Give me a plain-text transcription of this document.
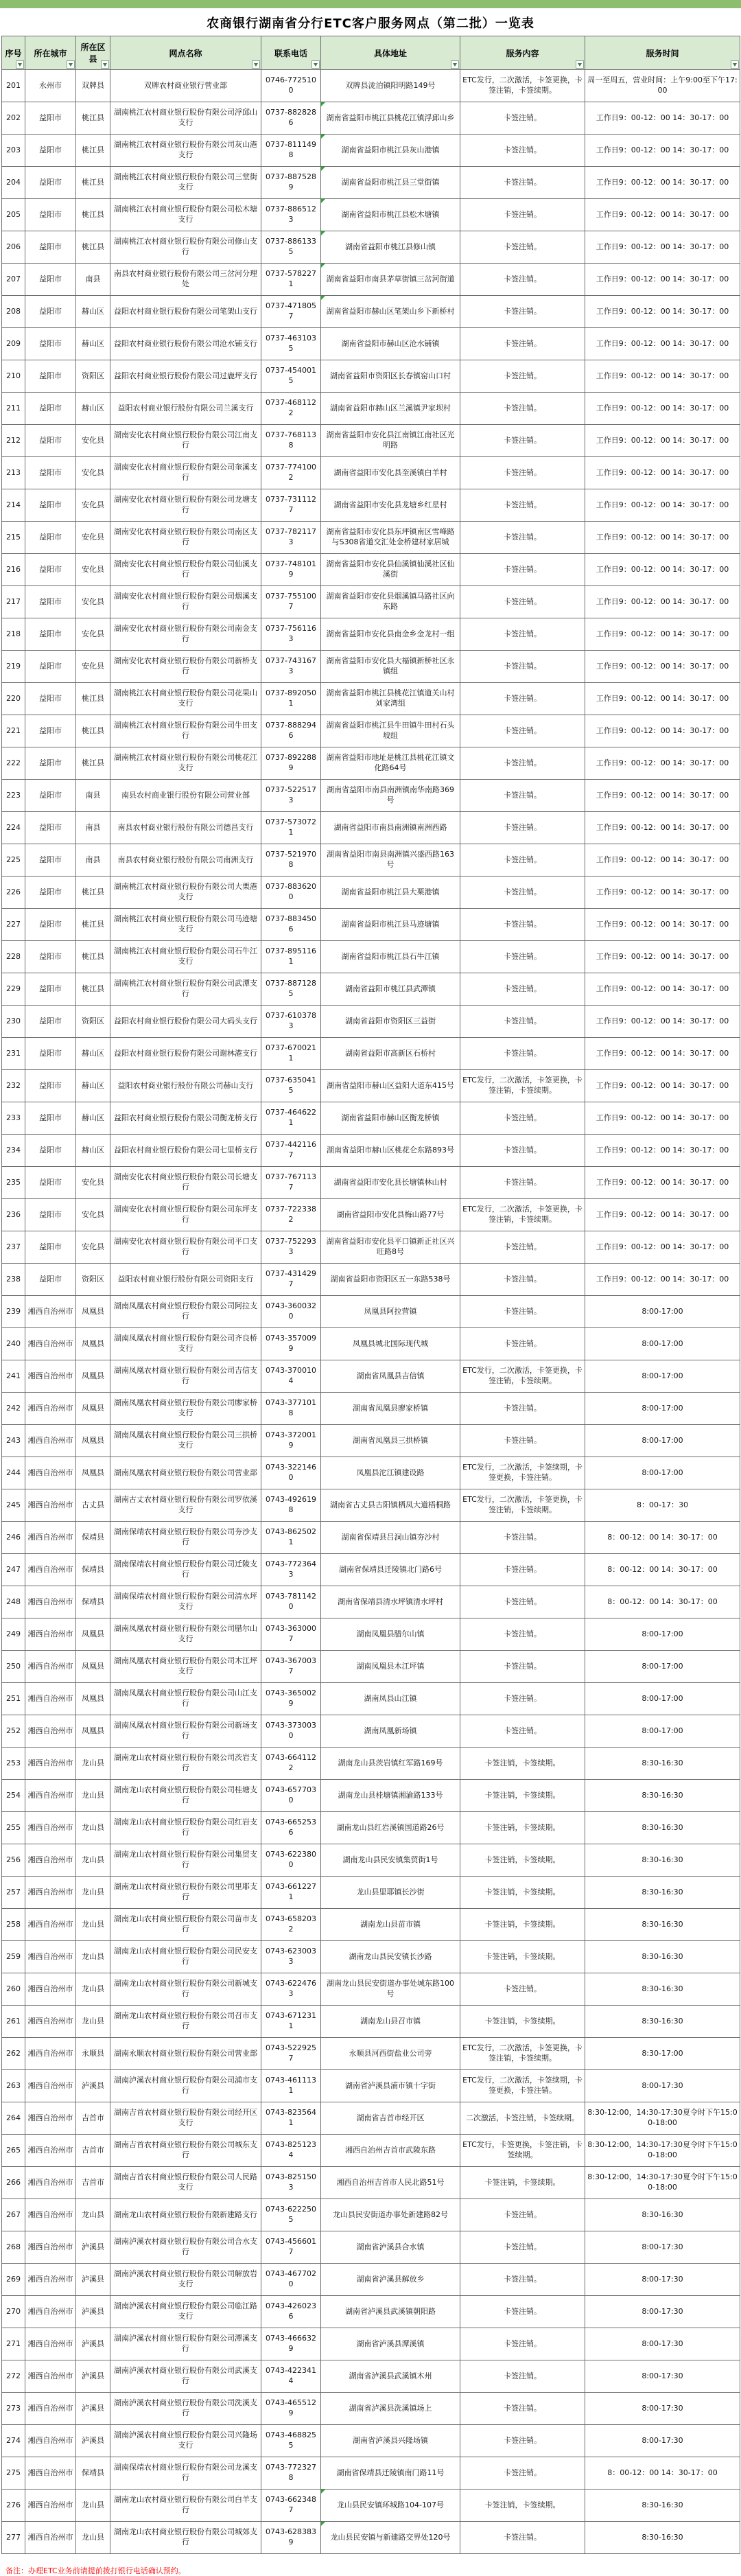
农商银行湖南省分行ETC客户服务网点（第二批）一览表
序号	所在城市	所在区县	网点名称	联系电话	具体地址	服务内容	服务时间

201	永州市	双牌县	双牌农村商业银行营业部	0746-7725100	双牌县泷泊镇阳明路149号	ETC发行，二次激活，卡签更换，卡签注销，卡签续期。	周一至周五，营业时间：上午9:00至下午17:00
202	益阳市	桃江县	湖南桃江农村商业银行股份有限公司浮邱山支行	0737-8828286	湖南省益阳市桃江县桃花江镇浮邱山乡	卡签注销。	工作日9：00-12：00 14：30-17：00
203	益阳市	桃江县	湖南桃江农村商业银行股份有限公司灰山港支行	0737-8111498	湖南省益阳市桃江县灰山港镇	卡签注销。	工作日9：00-12：00 14：30-17：00
204	益阳市	桃江县	湖南桃江农村商业银行股份有限公司三堂街支行	0737-8875289	湖南省益阳市桃江县三堂街镇	卡签注销。	工作日9：00-12：00 14：30-17：00
205	益阳市	桃江县	湖南桃江农村商业银行股份有限公司松木塘支行	0737-8865123	湖南省益阳市桃江县松木塘镇	卡签注销。	工作日9：00-12：00 14：30-17：00
206	益阳市	桃江县	湖南桃江农村商业银行股份有限公司修山支行	0737-8861335	湖南省益阳市桃江县修山镇	卡签注销。	工作日9：00-12：00 14：30-17：00
207	益阳市	南县	南县农村商业银行股份有限公司三岔河分理处	0737-5782271	湖南省益阳市南县茅草街镇三岔河街道	卡签注销。	工作日9：00-12：00 14：30-17：00
208	益阳市	赫山区	益阳农村商业银行股份有限公司笔架山支行	0737-4718057	湖南省益阳市赫山区笔架山乡下新桥村	卡签注销。	工作日9：00-12：00 14：30-17：00
209	益阳市	赫山区	益阳农村商业银行股份有限公司沧水铺支行	0737-4631035	湖南省益阳市赫山区沧水铺镇	卡签注销。	工作日9：00-12：00 14：30-17：00
210	益阳市	资阳区	益阳农村商业银行股份有限公司过鹿坪支行	0737-4540015	湖南省益阳市资阳区长春镇窑山口村	卡签注销。	工作日9：00-12：00 14：30-17：00
211	益阳市	赫山区	益阳农村商业银行股份有限公司兰溪支行	0737-4681122	湖南省益阳市赫山区兰溪镇尹家坝村	卡签注销。	工作日9：00-12：00 14：30-17：00
212	益阳市	安化县	湖南安化农村商业银行股份有限公司江南支行	0737-7681138	湖南省益阳市安化县江南镇江南社区光明路	卡签注销。	工作日9：00-12：00 14：30-17：00
213	益阳市	安化县	湖南安化农村商业银行股份有限公司奎溪支行	0737-7741002	湖南省益阳市安化县奎溪镇白羊村	卡签注销。	工作日9：00-12：00 14：30-17：00
214	益阳市	安化县	湖南安化农村商业银行股份有限公司龙塘支行	0737-7311127	湖南省益阳市安化县龙塘乡红星村	卡签注销。	工作日9：00-12：00 14：30-17：00
215	益阳市	安化县	湖南安化农村商业银行股份有限公司南区支行	0737-7821173	湖南省益阳市安化县东坪镇南区雪峰路与S308省道交汇处金桥建材家居城	卡签注销。	工作日9：00-12：00 14：30-17：00
216	益阳市	安化县	湖南安化农村商业银行股份有限公司仙溪支行	0737-7481019	湖南省益阳市安化县仙溪镇仙溪社区仙溪街	卡签注销。	工作日9：00-12：00 14：30-17：00
217	益阳市	安化县	湖南安化农村商业银行股份有限公司烟溪支行	0737-7551007	湖南省益阳市安化县烟溪镇马路社区向东路	卡签注销。	工作日9：00-12：00 14：30-17：00
218	益阳市	安化县	湖南安化农村商业银行股份有限公司南金支行	0737-7561163	湖南省益阳市安化县南金乡金龙村一组	卡签注销。	工作日9：00-12：00 14：30-17：00
219	益阳市	安化县	湖南安化农村商业银行股份有限公司新桥支行	0737-7431673	湖南省益阳市安化县大福镇新桥社区永镇组	卡签注销。	工作日9：00-12：00 14：30-17：00
220	益阳市	桃江县	湖南桃江农村商业银行股份有限公司花果山支行	0737-8920501	湖南省益阳市桃江县桃花江镇道关山村刘家湾组	卡签注销。	工作日9：00-12：00 14：30-17：00
221	益阳市	桃江县	湖南桃江农村商业银行股份有限公司牛田支行	0737-8882946	湖南省益阳市桃江县牛田镇牛田村石头坡组	卡签注销。	工作日9：00-12：00 14：30-17：00
222	益阳市	桃江县	湖南桃江农村商业银行股份有限公司桃花江支行	0737-8922889	湖南省益阳市地址是桃江县桃花江镇文化路64号	卡签注销。	工作日9：00-12：00 14：30-17：00
223	益阳市	南县	南县农村商业银行股份有限公司营业部	0737-5225173	湖南省益阳市南县南洲镇南华南路369号	卡签注销。	工作日9：00-12：00 14：30-17：00
224	益阳市	南县	南县农村商业银行股份有限公司德昌支行	0737-5730721	湖南省益阳市南县南洲镇南洲西路	卡签注销。	工作日9：00-12：00 14：30-17：00
225	益阳市	南县	南县农村商业银行股份有限公司南洲支行	0737-5219708	湖南省益阳市南县南洲镇兴盛西路163号	卡签注销。	工作日9：00-12：00 14：30-17：00
226	益阳市	桃江县	湖南桃江农村商业银行股份有限公司大栗港支行	0737-8836200	湖南省益阳市桃江县大栗港镇	卡签注销。	工作日9：00-12：00 14：30-17：00
227	益阳市	桃江县	湖南桃江农村商业银行股份有限公司马迹塘支行	0737-8834506	湖南省益阳市桃江县马迹塘镇	卡签注销。	工作日9：00-12：00 14：30-17：00
228	益阳市	桃江县	湖南桃江农村商业银行股份有限公司石牛江支行	0737-8951161	湖南省益阳市桃江县石牛江镇	卡签注销。	工作日9：00-12：00 14：30-17：00
229	益阳市	桃江县	湖南桃江农村商业银行股份有限公司武潭支行	0737-8871285	湖南省益阳市桃江县武潭镇	卡签注销。	工作日9：00-12：00 14：30-17：00
230	益阳市	资阳区	益阳农村商业银行股份有限公司大码头支行	0737-6103783	湖南省益阳市资阳区三益街	卡签注销。	工作日9：00-12：00 14：30-17：00
231	益阳市	赫山区	益阳农村商业银行股份有限公司谢林港支行	0737-6700211	湖南省益阳市高新区石桥村	卡签注销。	工作日9：00-12：00 14：30-17：00
232	益阳市	赫山区	益阳农村商业银行股份有限公司赫山支行	0737-6350415	湖南省益阳市赫山区益阳大道东415号	ETC发行，二次激活，卡签更换，卡签注销，卡签续期。	工作日9：00-12：00 14：30-17：00
233	益阳市	赫山区	益阳农村商业银行股份有限公司衡龙桥支行	0737-4646221	湖南省益阳市赫山区衡龙桥镇	卡签注销。	工作日9：00-12：00 14：30-17：00
234	益阳市	赫山区	益阳农村商业银行股份有限公司七里桥支行	0737-4421167	湖南省益阳市赫山区桃花仑东路893号	卡签注销。	工作日9：00-12：00 14：30-17：00
235	益阳市	安化县	湖南安化农村商业银行股份有限公司长塘支行	0737-7671137	湖南省益阳市安化县长塘镇林山村	卡签注销。	工作日9：00-12：00 14：30-17：00
236	益阳市	安化县	湖南安化农村商业银行股份有限公司东坪支行	0737-7223382	湖南省益阳市安化县梅山路77号	ETC发行，二次激活，卡签更换，卡签注销，卡签续期。	工作日9：00-12：00 14：30-17：00
237	益阳市	安化县	湖南安化农村商业银行股份有限公司平口支行	0737-7522933	湖南省益阳市安化县平口镇新正社区兴旺路8号	卡签注销。	工作日9：00-12：00 14：30-17：00
238	益阳市	资阳区	益阳农村商业银行股份有限公司资阳支行	0737-4314297	湖南省益阳市资阳区五一东路538号	卡签注销。	工作日9：00-12：00 14：30-17：00
239	湘西自治州市	凤凰县	湖南凤凰农村商业银行股份有限公司阿拉支行	0743-3600320	凤凰县阿拉营镇	卡签注销。	8:00-17:00
240	湘西自治州市	凤凰县	湖南凤凰农村商业银行股份有限公司齐良桥支行	0743-3570099	凤凰县城北国际现代城	卡签注销。	8:00-17:00
241	湘西自治州市	凤凰县	湖南凤凰农村商业银行股份有限公司吉信支行	0743-3700104	湖南省凤凰县吉信镇	ETC发行，二次激活，卡签更换，卡签注销，卡签续期。	8:00-17:00
242	湘西自治州市	凤凰县	湖南凤凰农村商业银行股份有限公司廖家桥支行	0743-3771018	湖南省凤凰县廖家桥镇	卡签注销。	8:00-17:00
243	湘西自治州市	凤凰县	湖南凤凰农村商业银行股份有限公司三拱桥支行	0743-3720019	湖南省凤凰县三拱桥镇	卡签注销。	8:00-17:00
244	湘西自治州市	凤凰县	湖南凤凰农村商业银行股份有限公司营业部	0743-3221460	凤凰县沱江镇建设路	ETC发行，二次激活，卡签续期，卡签更换，卡签注销。	8:00-17:00
245	湘西自治州市	古丈县	湖南古丈农村商业银行股份有限公司罗依溪支行	0743-4926198	湖南省古丈县古阳镇栖凤大道梧桐路	ETC发行，二次激活，卡签更换，卡签注销，卡签续期。	8：00-17：30
246	湘西自治州市	保靖县	湖南保靖农村商业银行股份有限公司夯沙支行	0743-8625021	湖南省保靖县吕洞山镇夯沙村	卡签注销。	8：00-12：00 14：30-17：00
247	湘西自治州市	保靖县	湖南保靖农村商业银行股份有限公司迁陵支行	0743-7723643	湖南省保靖县迁陵镇北门路6号	卡签注销。	8：00-12：00 14：30-17：00
248	湘西自治州市	保靖县	湖南保靖农村商业银行股份有限公司清水坪支行	0743-7811420	湖南省保靖县清水坪镇清水坪村	卡签注销。	8：00-12：00 14：30-17：00
249	湘西自治州市	凤凰县	湖南凤凰农村商业银行股份有限公司腊尔山支行	0743-3630007	湖南凤凰县腊尔山镇	卡签注销。	8:00-17:00
250	湘西自治州市	凤凰县	湖南凤凰农村商业银行股份有限公司木江坪支行	0743-3670037	湖南凤凰县木江坪镇	卡签注销。	8:00-17:00
251	湘西自治州市	凤凰县	湖南凤凰农村商业银行股份有限公司山江支行	0743-3650029	湖南凤县山江镇	卡签注销。	8:00-17:00
252	湘西自治州市	凤凰县	湖南凤凰农村商业银行股份有限公司新场支行	0743-3730030	湖南凤凰新场镇	卡签注销。	8:00-17:00
253	湘西自治州市	龙山县	湖南龙山农村商业银行股份有限公司茨岩支行	0743-6641122	湖南龙山县茨岩镇红军路169号	卡签注销，卡签续期。	8:30-16:30
254	湘西自治州市	龙山县	湖南龙山农村商业银行股份有限公司桂塘支行	0743-6577030	湖南龙山县桂塘镇湘渝路133号	卡签注销，卡签续期。	8:30-16:30
255	湘西自治州市	龙山县	湖南龙山农村商业银行股份有限公司红岩支行	0743-6652536	湖南龙山县红岩溪镇国道路26号	卡签注销，卡签续期。	8:30-16:30
256	湘西自治州市	龙山县	湖南龙山农村商业银行股份有限公司集贸支行	0743-6223800	湖南龙山县民安镇集贸街1号	卡签注销，卡签续期。	8:30-16:30
257	湘西自治州市	龙山县	湖南龙山农村商业银行股份有限公司里耶支行	0743-6612271	龙山县里耶镇长沙街	卡签注销，卡签续期。	8:30-16:30
258	湘西自治州市	龙山县	湖南龙山农村商业银行股份有限公司苗市支行	0743-6582032	湖南龙山县苗市镇	卡签注销，卡签续期。	8:30-16:30
259	湘西自治州市	龙山县	湖南龙山农村商业银行股份有限公司民安支行	0743-6230033	湖南龙山县民安镇长沙路	卡签注销，卡签续期。	8:30-16:30
260	湘西自治州市	龙山县	湖南龙山农村商业银行股份有限公司新城支行	0743-6224763	湖南龙山县民安街道办事处城东路100号	卡签注销。	8:30-16:30
261	湘西自治州市	龙山县	湖南龙山农村商业银行股份有限公司召市支行	0743-6712311	湖南龙山县召市镇	卡签注销，卡签续期。	8:30-16:30
262	湘西自治州市	永顺县	湖南永顺农村商业银行股份有限公司营业部	0743-5229257	永顺县河西街盐业公司旁	ETC发行，二次激活，卡签更换，卡签注销，卡签续期。	8:30-17:00
263	湘西自治州市	泸溪县	湖南泸溪农村商业银行股份有限公司浦市支行	0743-4611131	湖南省泸溪县浦市镇十字街	ETC发行，二次激活，卡签续期，卡签更换，卡签注销。	8:00-17:30
264	湘西自治州市	吉首市	湖南吉首农村商业银行股份有限公司经开区支行	0743-8235641	湖南省吉首市经开区	二次激活，卡签注销，卡签续期。	8:30-12:00，14:30-17:30夏令时下午15:00-18:00
265	湘西自治州市	吉首市	湖南吉首农村商业银行股份有限公司城东支行	0743-8251234	湘西自治州吉首市武陵东路	ETC发行，卡签更换，卡签注销，卡签续期。	8:30-12:00，14:30-17:30夏令时下午15:00-18:00
266	湘西自治州市	吉首市	湖南吉首农村商业银行股份有限公司人民路支行	0743-8251503	湘西自治州吉首市人民北路51号	卡签注销，卡签续期。	8:30-12:00，14:30-17:30夏令时下午15:00-18:00
267	湘西自治州市	龙山县	湖南龙山农村商业银行股份有限新建路支行	0743-6222505	龙山县民安街道办事处新建路82号	卡签注销。	8:30-16:30
268	湘西自治州市	泸溪县	湖南泸溪农村商业银行股份有限公司合水支行	0743-4566017	湖南省泸溪县合水镇	卡签注销。	8:00-17:30
269	湘西自治州市	泸溪县	湖南泸溪农村商业银行股份有限公司解放岩支行	0743-4677020	湖南省泸溪县解放乡	卡签注销。	8:00-17:30
270	湘西自治州市	泸溪县	湖南泸溪农村商业银行股份有限公司临江路支行	0743-4260236	湖南省泸溪县武溪镇朝阳路	卡签注销。	8:00-17:30
271	湘西自治州市	泸溪县	湖南泸溪农村商业银行股份有限公司潭溪支行	0743-4666329	湖南省泸溪县潭溪镇	卡签注销。	8:00-17:30
272	湘西自治州市	泸溪县	湖南泸溪农村商业银行股份有限公司武溪支行	0743-4223414	湖南省泸溪县武溪镇木州	卡签注销。	8:00-17:30
273	湘西自治州市	泸溪县	湖南泸溪农村商业银行股份有限公司洗溪支行	0743-4655129	湖南省泸溪县洗溪镇场上	卡签注销。	8:00-17:30
274	湘西自治州市	泸溪县	湖南泸溪农村商业银行股份有限公司兴隆场支行	0743-4688255	湖南省泸溪县兴隆场镇	卡签注销。	8:00-17:30
275	湘西自治州市	保靖县	湖南保靖农村商业银行股份有限公司龙溪支行	0743-7723278	湖南省保靖县迁陵镇南门路11号	卡签注销。	8：00-12：00 14：30-17：00
276	湘西自治州市	龙山县	湖南龙山农村商业银行股份有限公司白羊支行	0743-6623487	龙山县民安镇环城路104-107号	卡签注销，卡签续期。	8:30-16:30
277	湘西自治州市	龙山县	湖南龙山农村商业银行股份有限公司城郊支行	0743-6283839	龙山县民安镇与新建路交界处120号	卡签注销。	8:30-16:30
备注：办理ETC业务前请提前拨打银行电话确认预约。
